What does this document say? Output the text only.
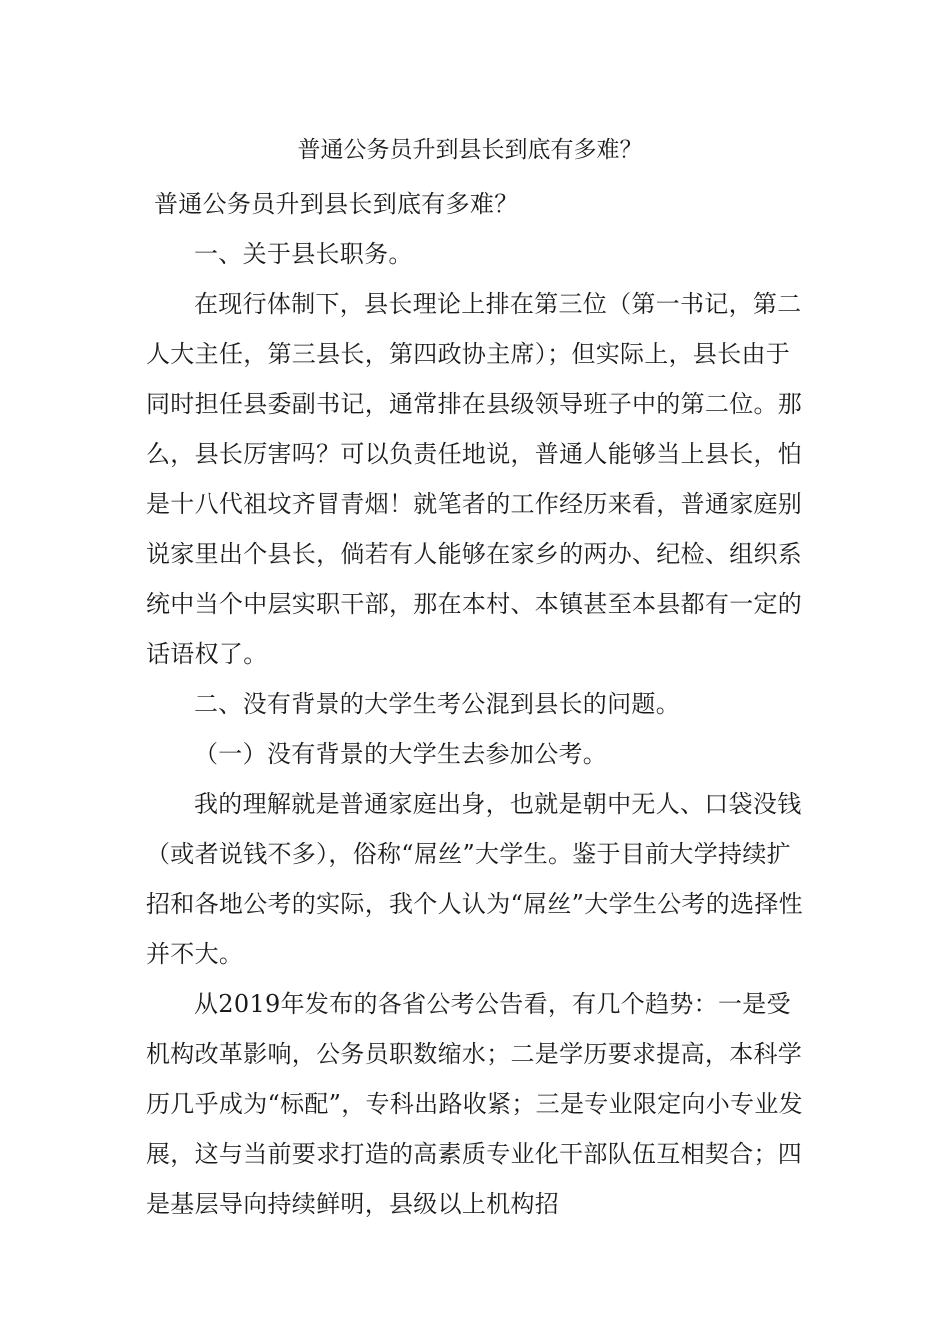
普通公务员升到县长到底有多难？

普通公务员升到县长到底有多难？

一、关于县长职务。

在现行体制下，县长理论上排在第三位（第一书记，第二人大主任，第三县长，第四政协主席）；但实际上，县长由于同时担任县委副书记，通常排在县级领导班子中的第二位。那么，县长厉害吗？可以负责任地说，普通人能够当上县长，怕是十八代祖坟齐冒青烟！就笔者的工作经历来看，普通家庭别说家里出个县长，倘若有人能够在家乡的两办、纪检、组织系统中当个中层实职干部，那在本村、本镇甚至本县都有一定的话语权了。

二、没有背景的大学生考公混到县长的问题。

（一）没有背景的大学生去参加公考。

我的理解就是普通家庭出身，也就是朝中无人、口袋没钱（或者说钱不多），俗称“屌丝”大学生。鉴于目前大学持续扩招和各地公考的实际，我个人认为“屌丝”大学生公考的选择性并不大。

从2019年发布的各省公考公告看，有几个趋势：一是受机构改革影响，公务员职数缩水；二是学历要求提高，本科学历几乎成为“标配”，专科出路收紧；三是专业限定向小专业发展，这与当前要求打造的高素质专业化干部队伍互相契合；四是基层导向持续鲜明，县级以上机构招
